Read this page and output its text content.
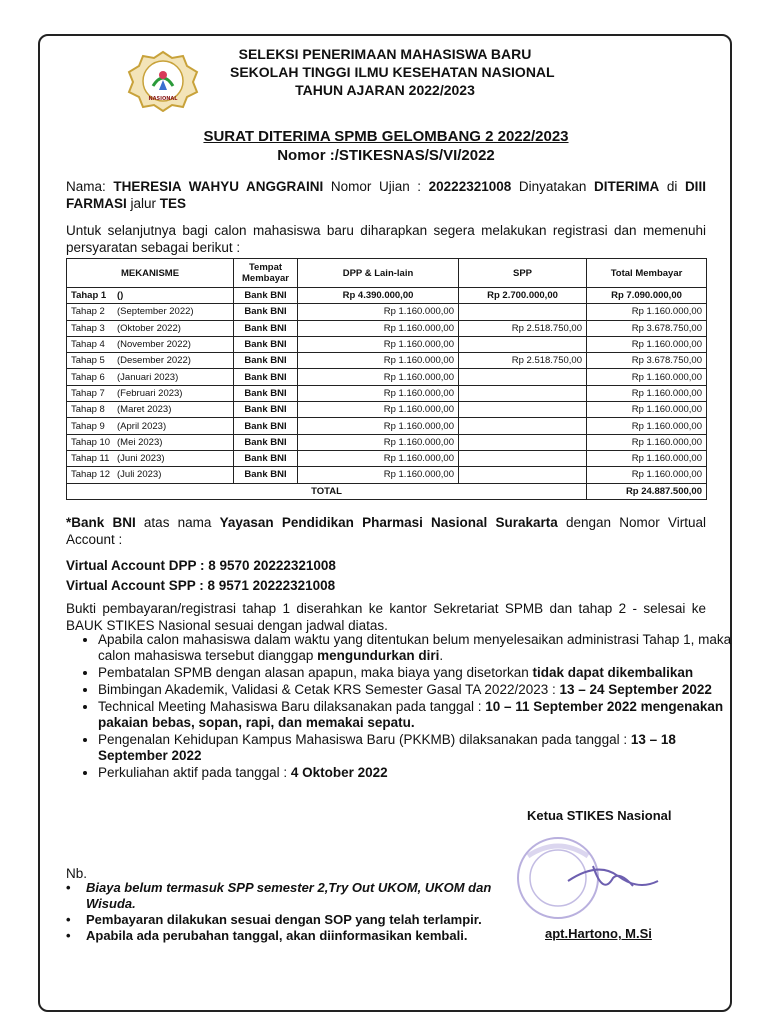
NASIONAL
SELEKSI PENERIMAAN MAHASISWA BARU
SEKOLAH TINGGI ILMU KESEHATAN NASIONAL
TAHUN AJARAN 2022/2023
SURAT DITERIMA SPMB GELOMBANG 2 2022/2023
Nomor :/STIKESNAS/S/VI/2022
Nama: THERESIA WAHYU ANGGRAINI Nomor Ujian : 20222321008 Dinyatakan DITERIMA di DIII FARMASI jalur TES
Untuk selanjutnya bagi calon mahasiswa baru diharapkan segera melakukan registrasi dan memenuhi persyaratan sebagai berikut :
MEKANISME	Tempat Membayar	DPP & Lain-lain	SPP	Total Membayar
Tahap 1 ()	Bank BNI	Rp 4.390.000,00	Rp 2.700.000,00	Rp 7.090.000,00
Tahap 2 (September 2022)	Bank BNI	Rp 1.160.000,00		Rp 1.160.000,00
Tahap 3 (Oktober 2022)	Bank BNI	Rp 1.160.000,00	Rp 2.518.750,00	Rp 3.678.750,00
Tahap 4 (November 2022)	Bank BNI	Rp 1.160.000,00		Rp 1.160.000,00
Tahap 5 (Desember 2022)	Bank BNI	Rp 1.160.000,00	Rp 2.518.750,00	Rp 3.678.750,00
Tahap 6 (Januari 2023)	Bank BNI	Rp 1.160.000,00		Rp 1.160.000,00
Tahap 7 (Februari 2023)	Bank BNI	Rp 1.160.000,00		Rp 1.160.000,00
Tahap 8 (Maret 2023)	Bank BNI	Rp 1.160.000,00		Rp 1.160.000,00
Tahap 9 (April 2023)	Bank BNI	Rp 1.160.000,00		Rp 1.160.000,00
Tahap 10 (Mei 2023)	Bank BNI	Rp 1.160.000,00		Rp 1.160.000,00
Tahap 11 (Juni 2023)	Bank BNI	Rp 1.160.000,00		Rp 1.160.000,00
Tahap 12 (Juli 2023)	Bank BNI	Rp 1.160.000,00		Rp 1.160.000,00
TOTAL				Rp 24.887.500,00
*Bank BNI atas nama Yayasan Pendidikan Pharmasi Nasional Surakarta dengan Nomor Virtual Account :
Virtual Account DPP : 8 9570 20222321008
Virtual Account SPP : 8 9571 20222321008
Bukti pembayaran/registrasi tahap 1 diserahkan ke kantor Sekretariat SPMB dan tahap 2 - selesai ke BAUK STIKES Nasional sesuai dengan jadwal diatas.
• Apabila calon mahasiswa dalam waktu yang ditentukan belum menyelesaikan administrasi Tahap 1, maka calon mahasiswa tersebut dianggap mengundurkan diri.
• Pembatalan SPMB dengan alasan apapun, maka biaya yang disetorkan tidak dapat dikembalikan
• Bimbingan Akademik, Validasi & Cetak KRS Semester Gasal TA 2022/2023 : 13 – 24 September 2022
• Technical Meeting Mahasiswa Baru dilaksanakan pada tanggal : 10 – 11 September 2022 mengenakan pakaian bebas, sopan, rapi, dan memakai sepatu.
• Pengenalan Kehidupan Kampus Mahasiswa Baru (PKKMB) dilaksanakan pada tanggal : 13 – 18 September 2022
• Perkuliahan aktif pada tanggal : 4 Oktober 2022
Ketua STIKES Nasional
apt.Hartono, M.Si
Nb.
• Biaya belum termasuk SPP semester 2,Try Out UKOM, UKOM dan Wisuda.
• Pembayaran dilakukan sesuai dengan SOP yang telah terlampir.
• Apabila ada perubahan tanggal, akan diinformasikan kembali.
